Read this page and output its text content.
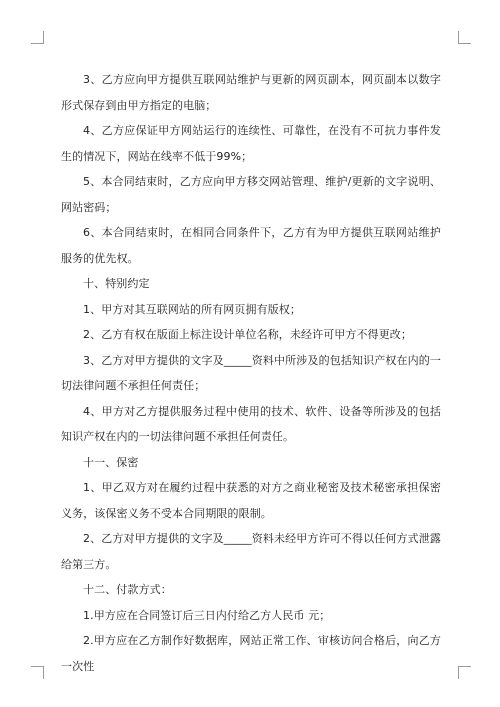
3、乙方应向甲方提供互联网站维护与更新的网页副本，网页副本以数字形式保存到由甲方指定的电脑；

4、乙方应保证甲方网站运行的连续性、可靠性，在没有不可抗力事件发生的情况下，网站在线率不低于99%；

5、本合同结束时，乙方应向甲方移交网站管理、维护/更新的文字说明、网站密码；

6、本合同结束时，在相同合同条件下，乙方有为甲方提供互联网站维护服务的优先权。

十、特别约定

1、甲方对其互联网站的所有网页拥有版权；

2、乙方有权在版面上标注设计单位名称，未经许可甲方不得更改；

3、乙方对甲方提供的文字及_____资料中所涉及的包括知识产权在内的一切法律问题不承担任何责任；

4、甲方对乙方提供服务过程中使用的技术、软件、设备等所涉及的包括知识产权在内的一切法律问题不承担任何责任。

十一、保密

1、甲乙双方对在履约过程中获悉的对方之商业秘密及技术秘密承担保密义务，该保密义务不受本合同期限的限制。

2、乙方对甲方提供的文字及_____资料未经甲方许可不得以任何方式泄露给第三方。

十二、付款方式：

1.甲方应在合同签订后三日内付给乙方人民币 元；

2.甲方应在乙方制作好数据库，网站正常工作、审核访问合格后，向乙方一次性
